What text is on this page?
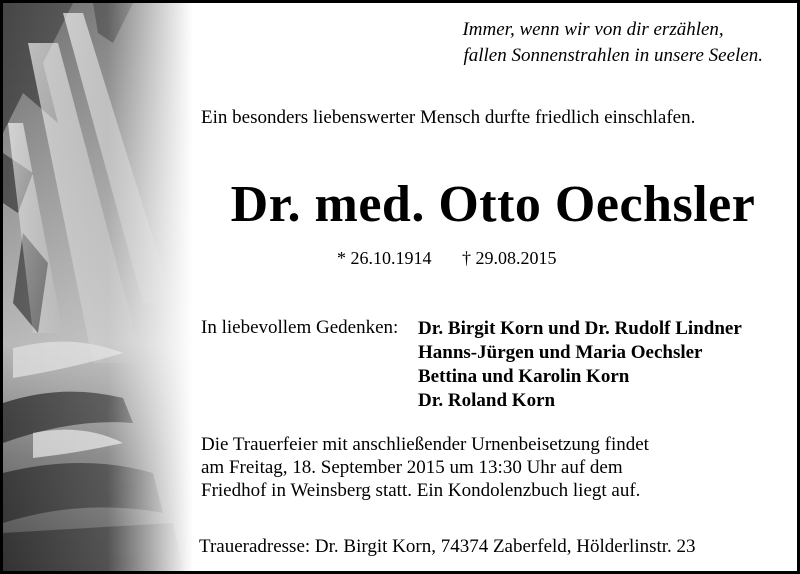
Immer, wenn wir von dir erzählen,
fallen Sonnenstrahlen in unsere Seelen.
Ein besonders liebenswerter Mensch durfte friedlich einschlafen.
Dr. med. Otto Oechsler
* 26.10.1914 † 29.08.2015
In liebevollem Gedenken: Dr. Birgit Korn und Dr. Rudolf Lindner
Hanns-Jürgen und Maria Oechsler
Bettina und Karolin Korn
Dr. Roland Korn
Die Trauerfeier mit anschließender Urnenbeisetzung findet
am Freitag, 18. September 2015 um 13:30 Uhr auf dem
Friedhof in Weinsberg statt. Ein Kondolenzbuch liegt auf.
Traueradresse: Dr. Birgit Korn, 74374 Zaberfeld, Hölderlinstr. 23
